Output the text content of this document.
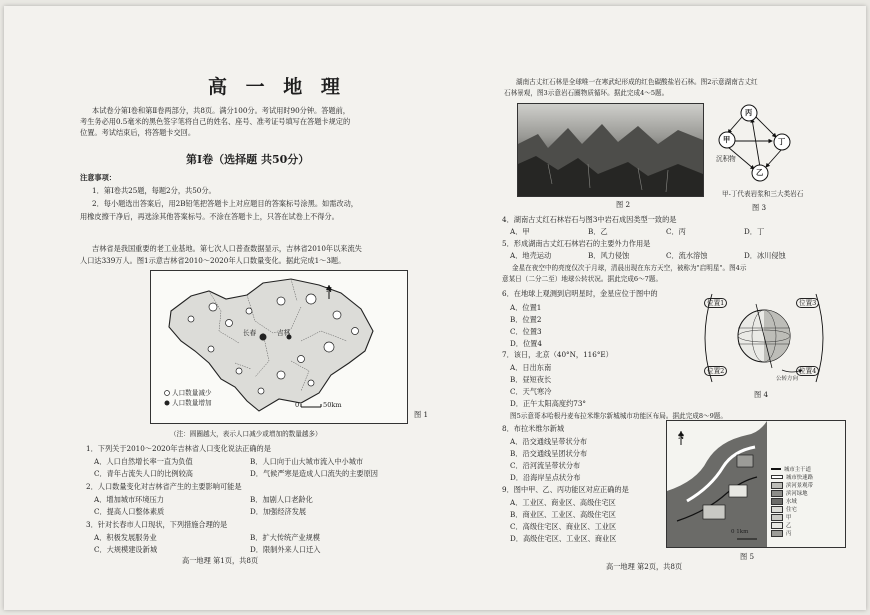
高 一 地 理
本试卷分第Ⅰ卷和第Ⅱ卷两部分，共8页。满分100分。考试用时90分钟。答题前，
考生务必用0.5毫米的黑色签字笔将自己的姓名、座号、准考证号填写在答题卡规定的
位置。考试结束后，将答题卡交回。
第Ⅰ卷（选择题 共50分）
注意事项：
1．第Ⅰ卷共25题，每题2分，共50分。
2．每小题选出答案后，用2B铅笔把答题卡上对应题目的答案标号涂黑。如需改动，
用橡皮擦干净后，再选涂其他答案标号。不涂在答题卡上，只答在试卷上不得分。
吉林省是我国重要的老工业基地。第七次人口普查数据显示，吉林省2010年以来流失
人口达339万人。图1示意吉林省2010～2020年人口数量变化。据此完成1～3题。
长春	吉林
N
人口数量减少
人口数量增加	0	50km
图 1
（注：圆圈越大，表示人口减少或增加的数量越多）
1．下列关于2010～2020年吉林省人口变化说法正确的是
A．人口自然增长率一直为负值	B．人口向于山大城市流入中小城市
C．青年占流失人口的比例较高	D．气候严寒是造成人口流失的主要原因
2．人口数量变化对吉林省产生的主要影响可能是
A．增加城市环境压力	B．加剧人口老龄化
C．提高人口整体素质	D．加强经济发展
3．针对长春市人口现状，下列措施合理的是
A．积极发展服务业	B．扩大传统产业规模
C．大规模建设新城	D．限制外来人口迁入
高一地理 第1页，共8页
湖南古丈红石林是全球唯一在寒武纪形成的红色碳酸盐岩石林。图2示意湖南古丈红
石林景观，图3示意岩石圈物质循环。据此完成4～5题。
图 2
丙
甲	丁
乙
沉积物
甲-丁代表岩浆和三大类岩石
图 3
4．湖南古丈红石林岩石与图3中岩石成因类型一致的是
A．甲	B．乙	C．丙	D．丁
5．形成湖南古丈红石林岩石的主要外力作用是
A．地壳运动	B．风力侵蚀	C．流水溶蚀	D．冰川侵蚀
金星在夜空中的亮度仅次于月球，清晨出现在东方天空，被称为"启明星"。图4示
意某日（二分二至）地球公转状况。据此完成6～7题。
6．在地球上观测到启明星时，金星应位于图中的
A．位置1
B．位置2
C．位置3
D．位置4
位置1
位置2
位置3
位置4
公转方向
图 4
7．该日，北京（40°N，116°E）
A．日出东南
B．昼短夜长
C．天气寒冷
D．正午太阳高度约73°
图5示意哥本哈根丹麦布拉米维尔新城城市功能区布局。据此完成8～9题。
8．布拉米维尔新城
A．沿交通线呈带状分布
B．沿交通线呈团状分布
C．沿河流呈带状分布
D．沿海岸呈点状分布
9．图中甲、乙、丙功能区对应正确的是
A．工业区、商业区、高级住宅区
B．商业区、工业区、高级住宅区
C．高级住宅区、商业区、工业区
D．高级住宅区、工业区、商业区
N
0 1km
城市主干道
城市快速路
滨河景观带
滨河绿地
水域
住宅
甲
乙
丙
图 5
高一地理 第2页，共8页
